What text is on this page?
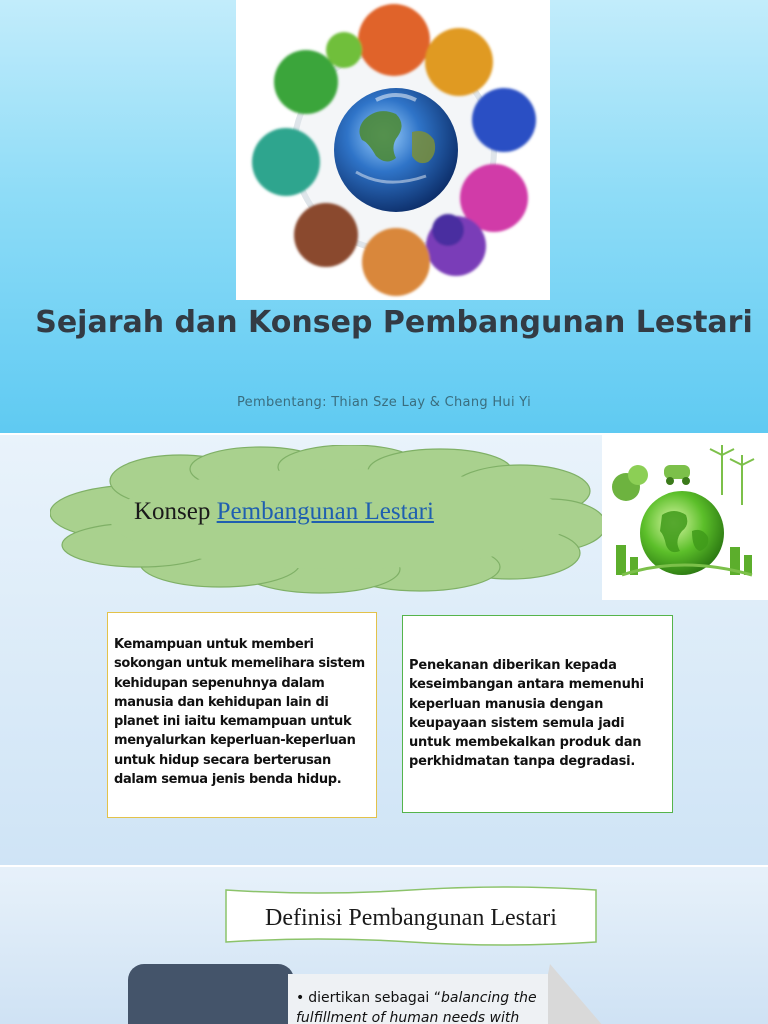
Sejarah dan Konsep Pembangunan Lestari
Pembentang: Thian Sze Lay & Chang Hui Yi
Konsep Pembangunan Lestari
Kemampuan untuk memberi sokongan untuk memelihara sistem kehidupan sepenuhnya dalam manusia dan kehidupan lain di planet ini iaitu kemampuan untuk menyalurkan keperluan-keperluan untuk hidup secara berterusan dalam semua jenis benda hidup.
Penekanan diberikan kepada keseimbangan antara memenuhi keperluan manusia dengan keupayaan sistem semula jadi untuk membekalkan produk dan perkhidmatan tanpa degradasi.
Definisi Pembangunan Lestari
• diertikan sebagai “balancing the fulfillment of human needs with
